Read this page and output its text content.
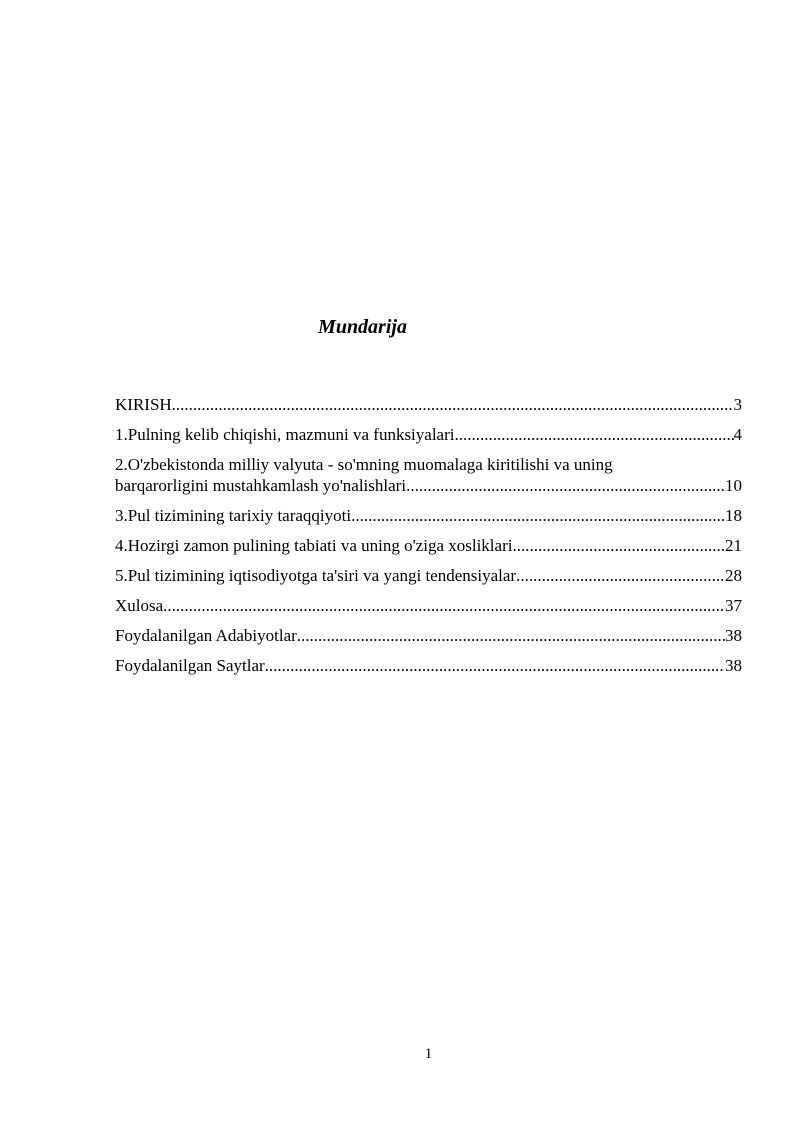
Mundarija
KIRISH .....	3
1.Pulning kelib chiqishi, mazmuni va funksiyalari .....	4
2.O'zbekistonda milliy valyuta - so'mning muomalaga kiritilishi va uning
barqarorligini mustahkamlash yo'nalishlari .....	10
3.Pul tizimining tarixiy taraqqiyoti .....	18
4.Hozirgi zamon pulining tabiati va uning o'ziga xosliklari .....	21
5.Pul tizimining iqtisodiyotga ta'siri va yangi tendensiyalar .....	28
Xulosa .....	37
Foydalanilgan Adabiyotlar .....	38
Foydalanilgan Saytlar .....	38
1
